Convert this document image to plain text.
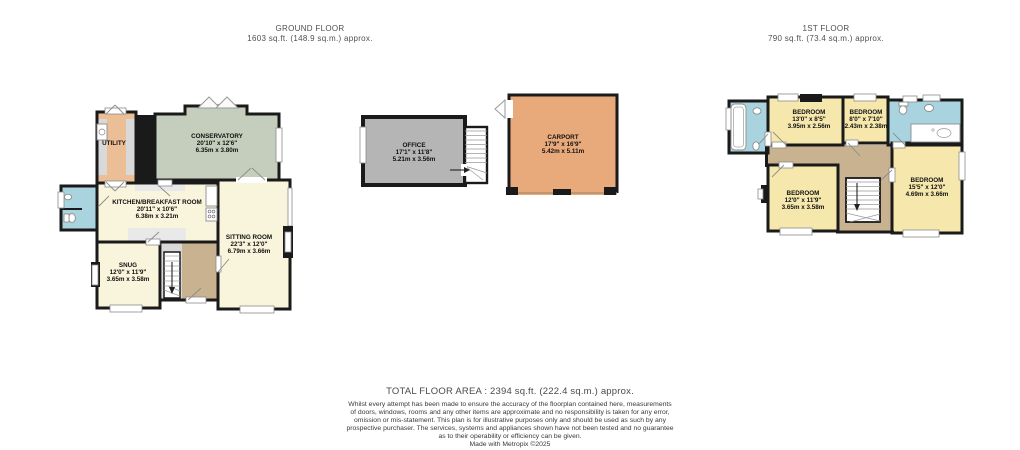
GROUND FLOOR
1603 sq.ft. (148.9 sq.m.) approx.
1ST FLOOR
790 sq.ft. (73.4 sq.m.) approx.
UTILITY
CONSERVATORY
20'10" x 12'6"
6.35m x 3.80m
KITCHEN/BREAKFAST ROOM
20'11" x 10'6"
6.38m x 3.21m
SITTING ROOM
22'3" x 12'0"
6.79m x 3.66m
SNUG
12'0" x 11'9"
3.65m x 3.58m
OFFICE
17'1" x 11'8"
5.21m x 3.56m
CARPORT
17'9" x 16'9"
5.42m x 5.11m
BEDROOM
13'0" x 8'5"
3.95m x 2.56m
BEDROOM
8'0" x 7'10"
2.43m x 2.38m
BEDROOM
12'0" x 11'9"
3.65m x 3.58m
BEDROOM
15'5" x 12'0"
4.69m x 3.66m
TOTAL FLOOR AREA : 2394 sq.ft. (222.4 sq.m.) approx.
Whilst every attempt has been made to ensure the accuracy of the floorplan contained here, measurements
of doors, windows, rooms and any other items are approximate and no responsibility is taken for any error,
omission or mis-statement. This plan is for illustrative purposes only and should be used as such by any
prospective purchaser. The services, systems and appliances shown have not been tested and no guarantee
as to their operability or efficiency can be given.
Made with Metropix ©2025
